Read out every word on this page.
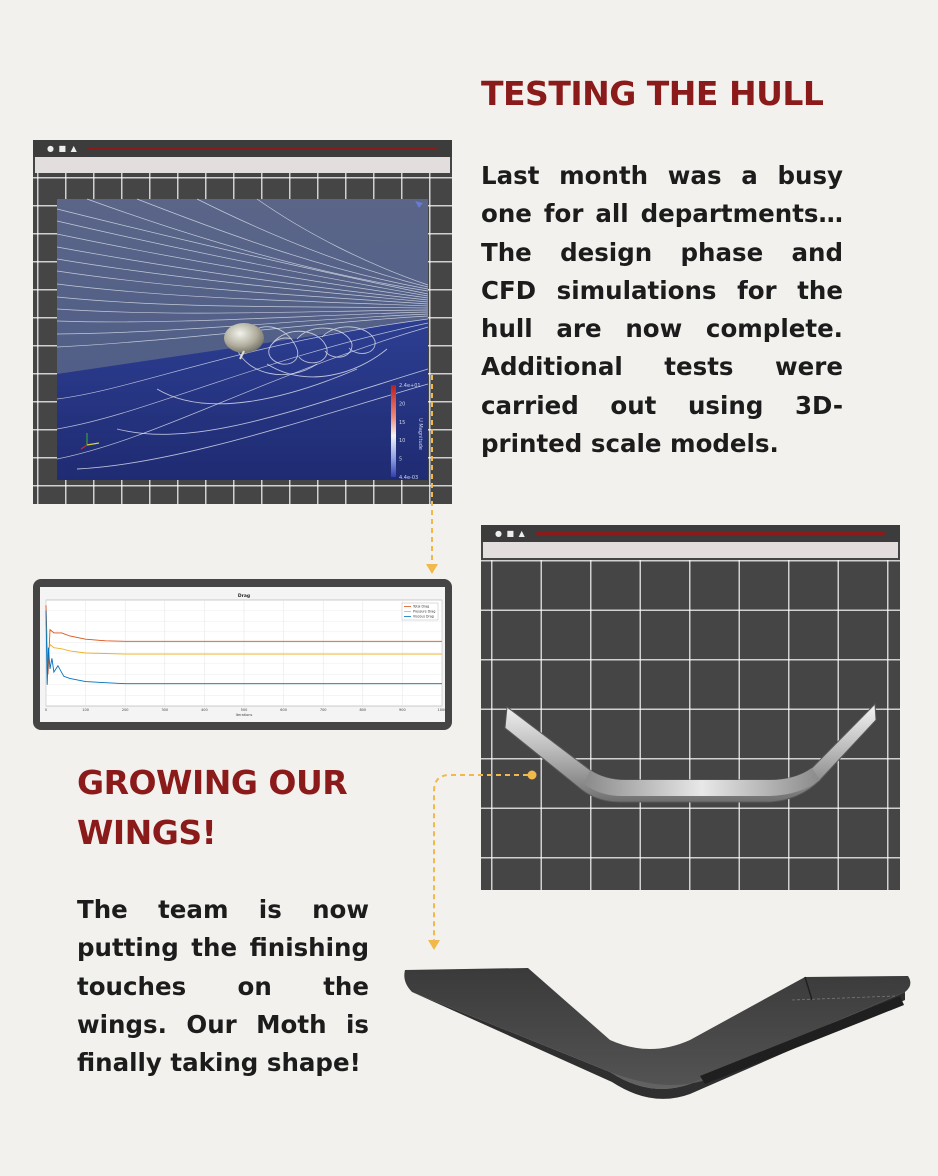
TESTING THE HULL

Last month was a busy one for all departments… The design phase and CFD simulations for the hull are now complete. Additional tests were carried out using 3D-printed scale models.

GROWING OUR WINGS!

The team is now putting the finishing touches on the wings. Our Moth is finally taking shape!

● ■ ▲
2.4e+01
20
15
10
5
4.4e-03
U Magnitude
0	100	200	300	400	500	600	700	800	900	1000
Drag
Iterations
Total Drag
Pressure Drag
Viscous Drag
● ■ ▲
